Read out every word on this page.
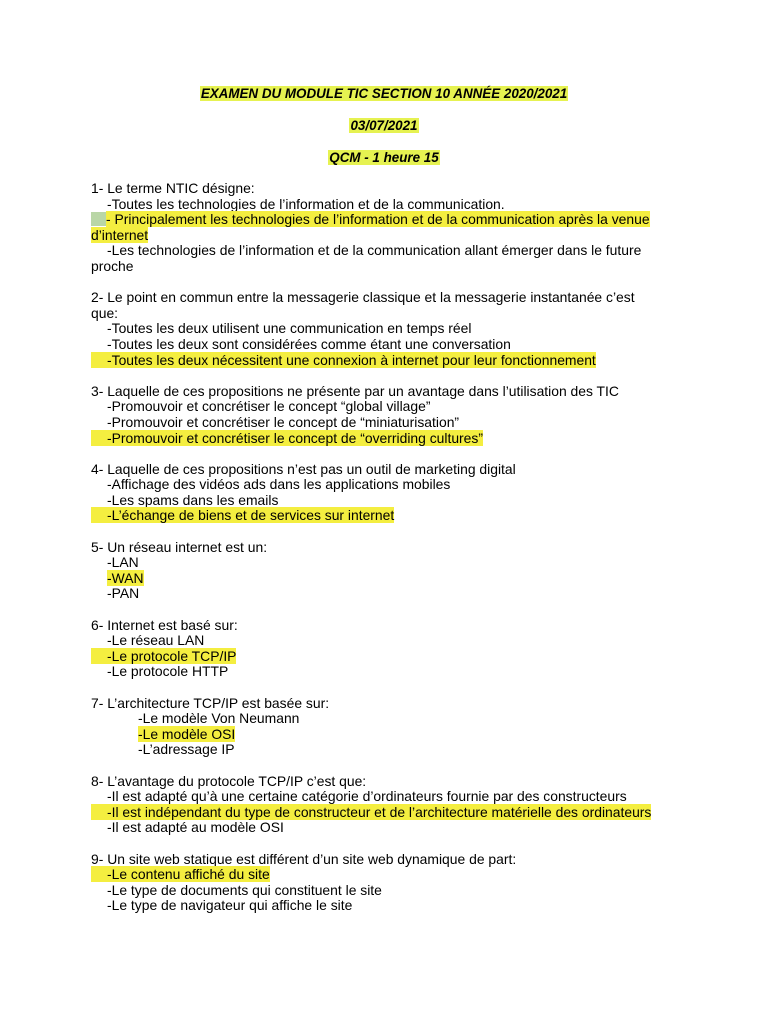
EXAMEN DU MODULE TIC SECTION 10 ANNÉE 2020/2021
03/07/2021
QCM - 1 heure 15
1- Le terme NTIC désigne:
-Toutes les technologies de l’information et de la communication.
- Principalement les technologies de l’information et de la communication après la venue
d’internet
-Les technologies de l’information et de la communication allant émerger dans le future
proche
2- Le point en commun entre la messagerie classique et la messagerie instantanée c’est
que:
-Toutes les deux utilisent une communication en temps réel
-Toutes les deux sont considérées comme étant une conversation
-Toutes les deux nécessitent une connexion à internet pour leur fonctionnement
3- Laquelle de ces propositions ne présente par un avantage dans l’utilisation des TIC
-Promouvoir et concrétiser le concept “global village”
-Promouvoir et concrétiser le concept de “miniaturisation”
-Promouvoir et concrétiser le concept de “overriding cultures”
4- Laquelle de ces propositions n’est pas un outil de marketing digital
-Affichage des vidéos ads dans les applications mobiles
-Les spams dans les emails
-L’échange de biens et de services sur internet
5- Un réseau internet est un:
-LAN
-WAN
-PAN
6- Internet est basé sur:
-Le réseau LAN
-Le protocole TCP/IP
-Le protocole HTTP
7- L’architecture TCP/IP est basée sur:
-Le modèle Von Neumann
-Le modèle OSI
-L’adressage IP
8- L’avantage du protocole TCP/IP c’est que:
-Il est adapté qu’à une certaine catégorie d’ordinateurs fournie par des constructeurs
-Il est indépendant du type de constructeur et de l’architecture matérielle des ordinateurs
-Il est adapté au modèle OSI
9- Un site web statique est différent d’un site web dynamique de part:
-Le contenu affiché du site
-Le type de documents qui constituent le site
-Le type de navigateur qui affiche le site
